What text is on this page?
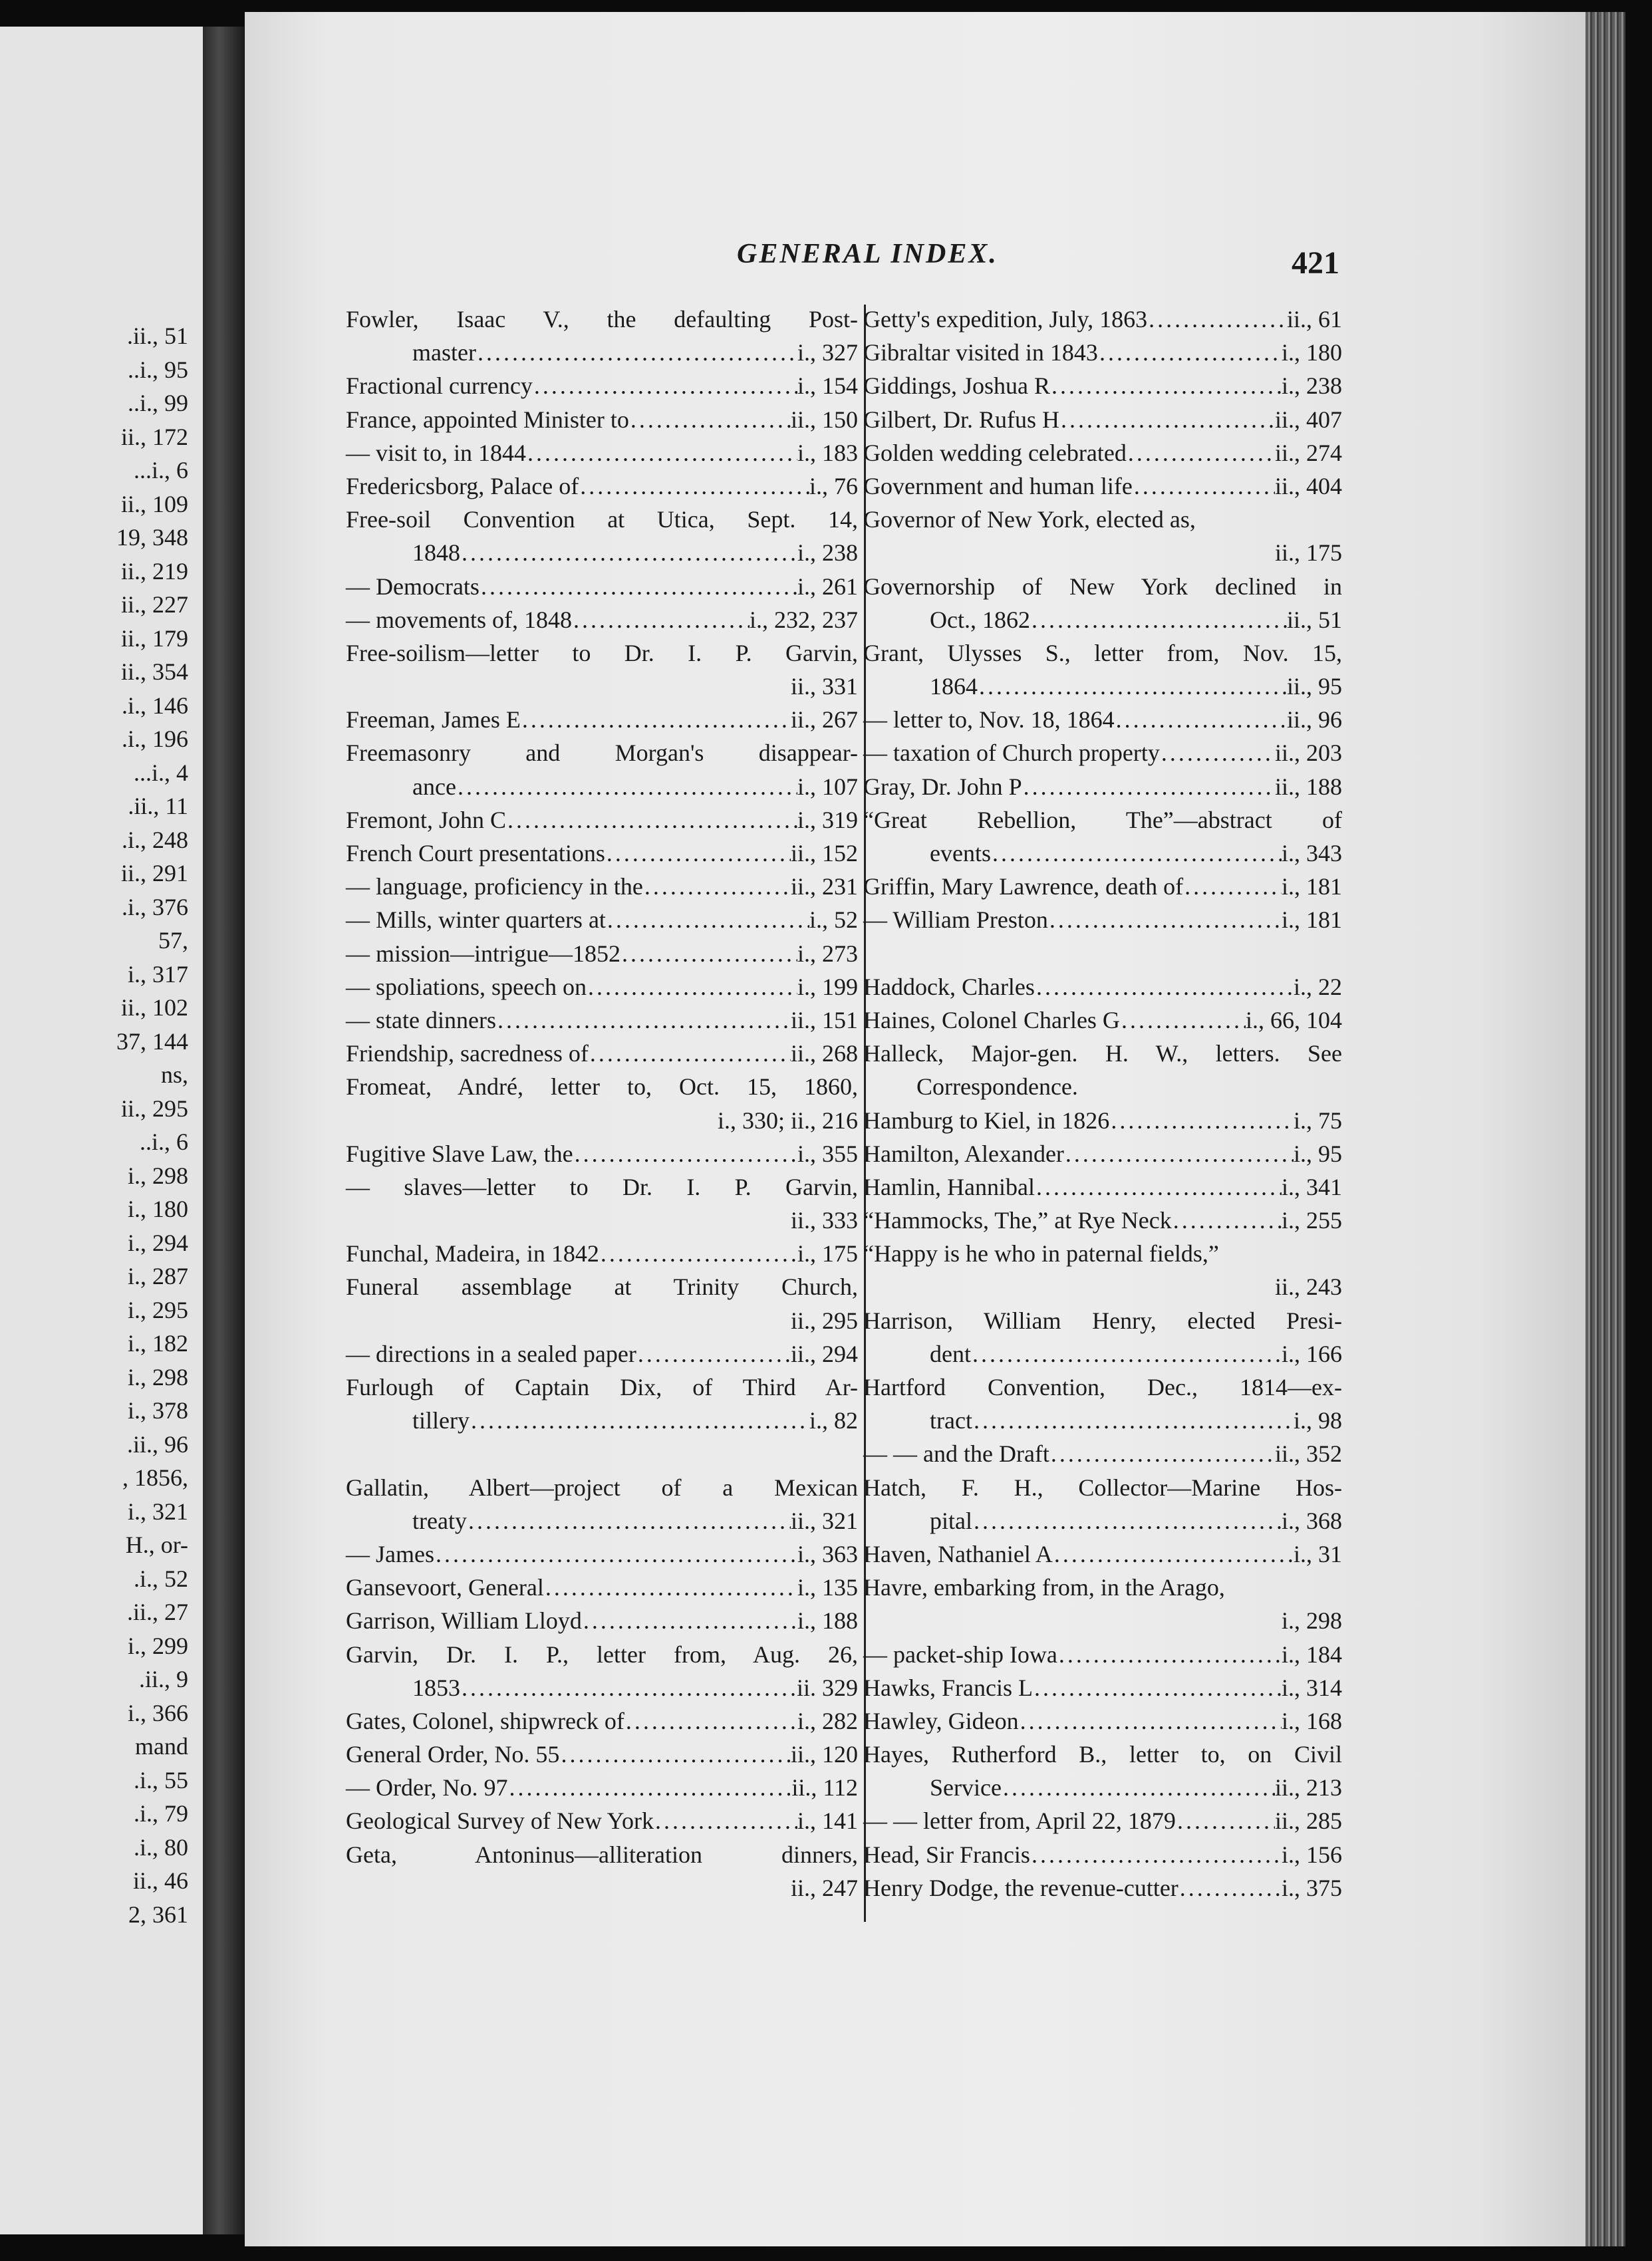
.ii., 51
..i., 95
..i., 99
ii., 172
...i., 6
ii., 109
19, 348
ii., 219
ii., 227
ii., 179
ii., 354
.i., 146
.i., 196
...i., 4
.ii., 11
.i., 248
ii., 291
.i., 376
57,
i., 317
ii., 102
37, 144
ns,
ii., 295
..i., 6
i., 298
i., 180
i., 294
i., 287
i., 295
i., 182
i., 298
i., 378
.ii., 96
, 1856,
i., 321
H., or-
.i., 52
.ii., 27
i., 299
.ii., 9
i., 366
mand
.i., 55
.i., 79
.i., 80
ii., 46
2, 361
GENERAL INDEX.	421
Fowler, Isaac V., the defaulting Post-
master .....	i., 327
Fractional currency .....	i., 154
France, appointed Minister to .....	ii., 150
— visit to, in 1844 .....	i., 183
Fredericsborg, Palace of .....	i., 76
Free-soil Convention at Utica, Sept. 14,
1848 .....	i., 238
— Democrats .....	i., 261
— movements of, 1848 .....	i., 232, 237
Free-soilism—letter to Dr. I. P. Garvin,
ii., 331
Freeman, James E .....	ii., 267
Freemasonry and Morgan's disappear-
ance .....	i., 107
Fremont, John C .....	i., 319
French Court presentations .....	ii., 152
— language, proficiency in the .....	ii., 231
— Mills, winter quarters at .....	i., 52
— mission—intrigue—1852 .....	i., 273
— spoliations, speech on .....	i., 199
— state dinners .....	ii., 151
Friendship, sacredness of .....	ii., 268
Fromeat, André, letter to, Oct. 15, 1860,
i., 330; ii., 216
Fugitive Slave Law, the .....	i., 355
— slaves—letter to Dr. I. P. Garvin,
ii., 333
Funchal, Madeira, in 1842 .....	i., 175
Funeral assemblage at Trinity Church,
ii., 295
— directions in a sealed paper .....	ii., 294
Furlough of Captain Dix, of Third Ar-
tillery .....	i., 82
Gallatin, Albert—project of a Mexican
treaty .....	ii., 321
— James .....	i., 363
Gansevoort, General .....	i., 135
Garrison, William Lloyd .....	i., 188
Garvin, Dr. I. P., letter from, Aug. 26,
1853 .....	ii. 329
Gates, Colonel, shipwreck of .....	i., 282
General Order, No. 55 .....	ii., 120
— Order, No. 97 .....	ii., 112
Geological Survey of New York .....	i., 141
Geta, Antoninus—alliteration dinners,
ii., 247
Getty's expedition, July, 1863 .....	ii., 61
Gibraltar visited in 1843 .....	i., 180
Giddings, Joshua R .....	i., 238
Gilbert, Dr. Rufus H .....	ii., 407
Golden wedding celebrated .....	ii., 274
Government and human life .....	ii., 404
Governor of New York, elected as,
ii., 175
Governorship of New York declined in
Oct., 1862 .....	ii., 51
Grant, Ulysses S., letter from, Nov. 15,
1864 .....	ii., 95
— letter to, Nov. 18, 1864 .....	ii., 96
— taxation of Church property .....	ii., 203
Gray, Dr. John P .....	ii., 188
“Great Rebellion, The”—abstract of
events .....	i., 343
Griffin, Mary Lawrence, death of .....	i., 181
— William Preston .....	i., 181
Haddock, Charles .....	i., 22
Haines, Colonel Charles G .....	i., 66, 104
Halleck, Major-gen. H. W., letters. See
Correspondence.
Hamburg to Kiel, in 1826 .....	i., 75
Hamilton, Alexander .....	i., 95
Hamlin, Hannibal .....	i., 341
“Hammocks, The,” at Rye Neck .....	i., 255
“Happy is he who in paternal fields,”
ii., 243
Harrison, William Henry, elected Presi-
dent .....	i., 166
Hartford Convention, Dec., 1814—ex-
tract .....	i., 98
— — and the Draft .....	ii., 352
Hatch, F. H., Collector—Marine Hos-
pital .....	i., 368
Haven, Nathaniel A .....	i., 31
Havre, embarking from, in the Arago,
i., 298
— packet-ship Iowa .....	i., 184
Hawks, Francis L .....	i., 314
Hawley, Gideon .....	i., 168
Hayes, Rutherford B., letter to, on Civil
Service .....	ii., 213
— — letter from, April 22, 1879 .....	ii., 285
Head, Sir Francis .....	i., 156
Henry Dodge, the revenue-cutter .....	i., 375
